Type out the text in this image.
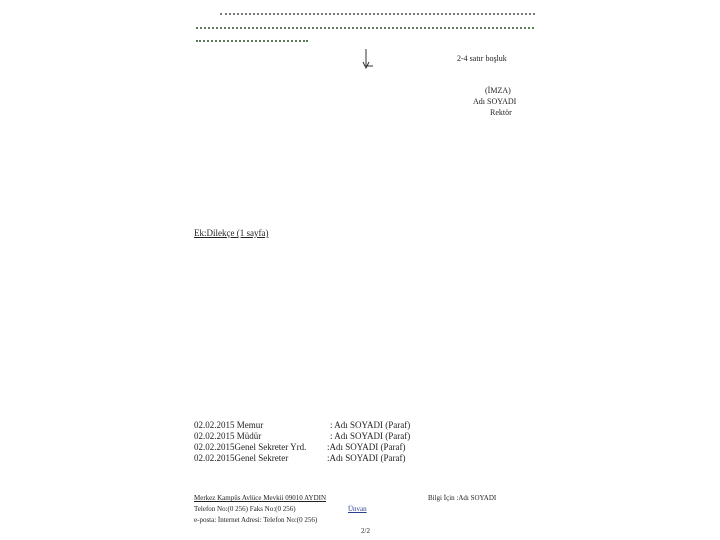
2-4 satır boşluk
(İMZA)
Adı SOYADI
Rektör
Ek:Dilekçe (1 sayfa)
02.02.2015 Memur	: Adı SOYADI (Paraf)
02.02.2015 Müdür	: Adı SOYADI (Paraf)
02.02.2015Genel Sekreter Yrd. :Adı SOYADI (Paraf)
02.02.2015Genel Sekreter	:Adı SOYADI (Paraf)
Merkez Kampüs Avlüce Mevkii 09010 AYDIN	Bilgi İçin :Adı SOYADI
Telefon No:(0 256) Faks No:(0 256)	Ünvan
e-posta: İnternet Adresi: Telefon No:(0 256)
2/2
